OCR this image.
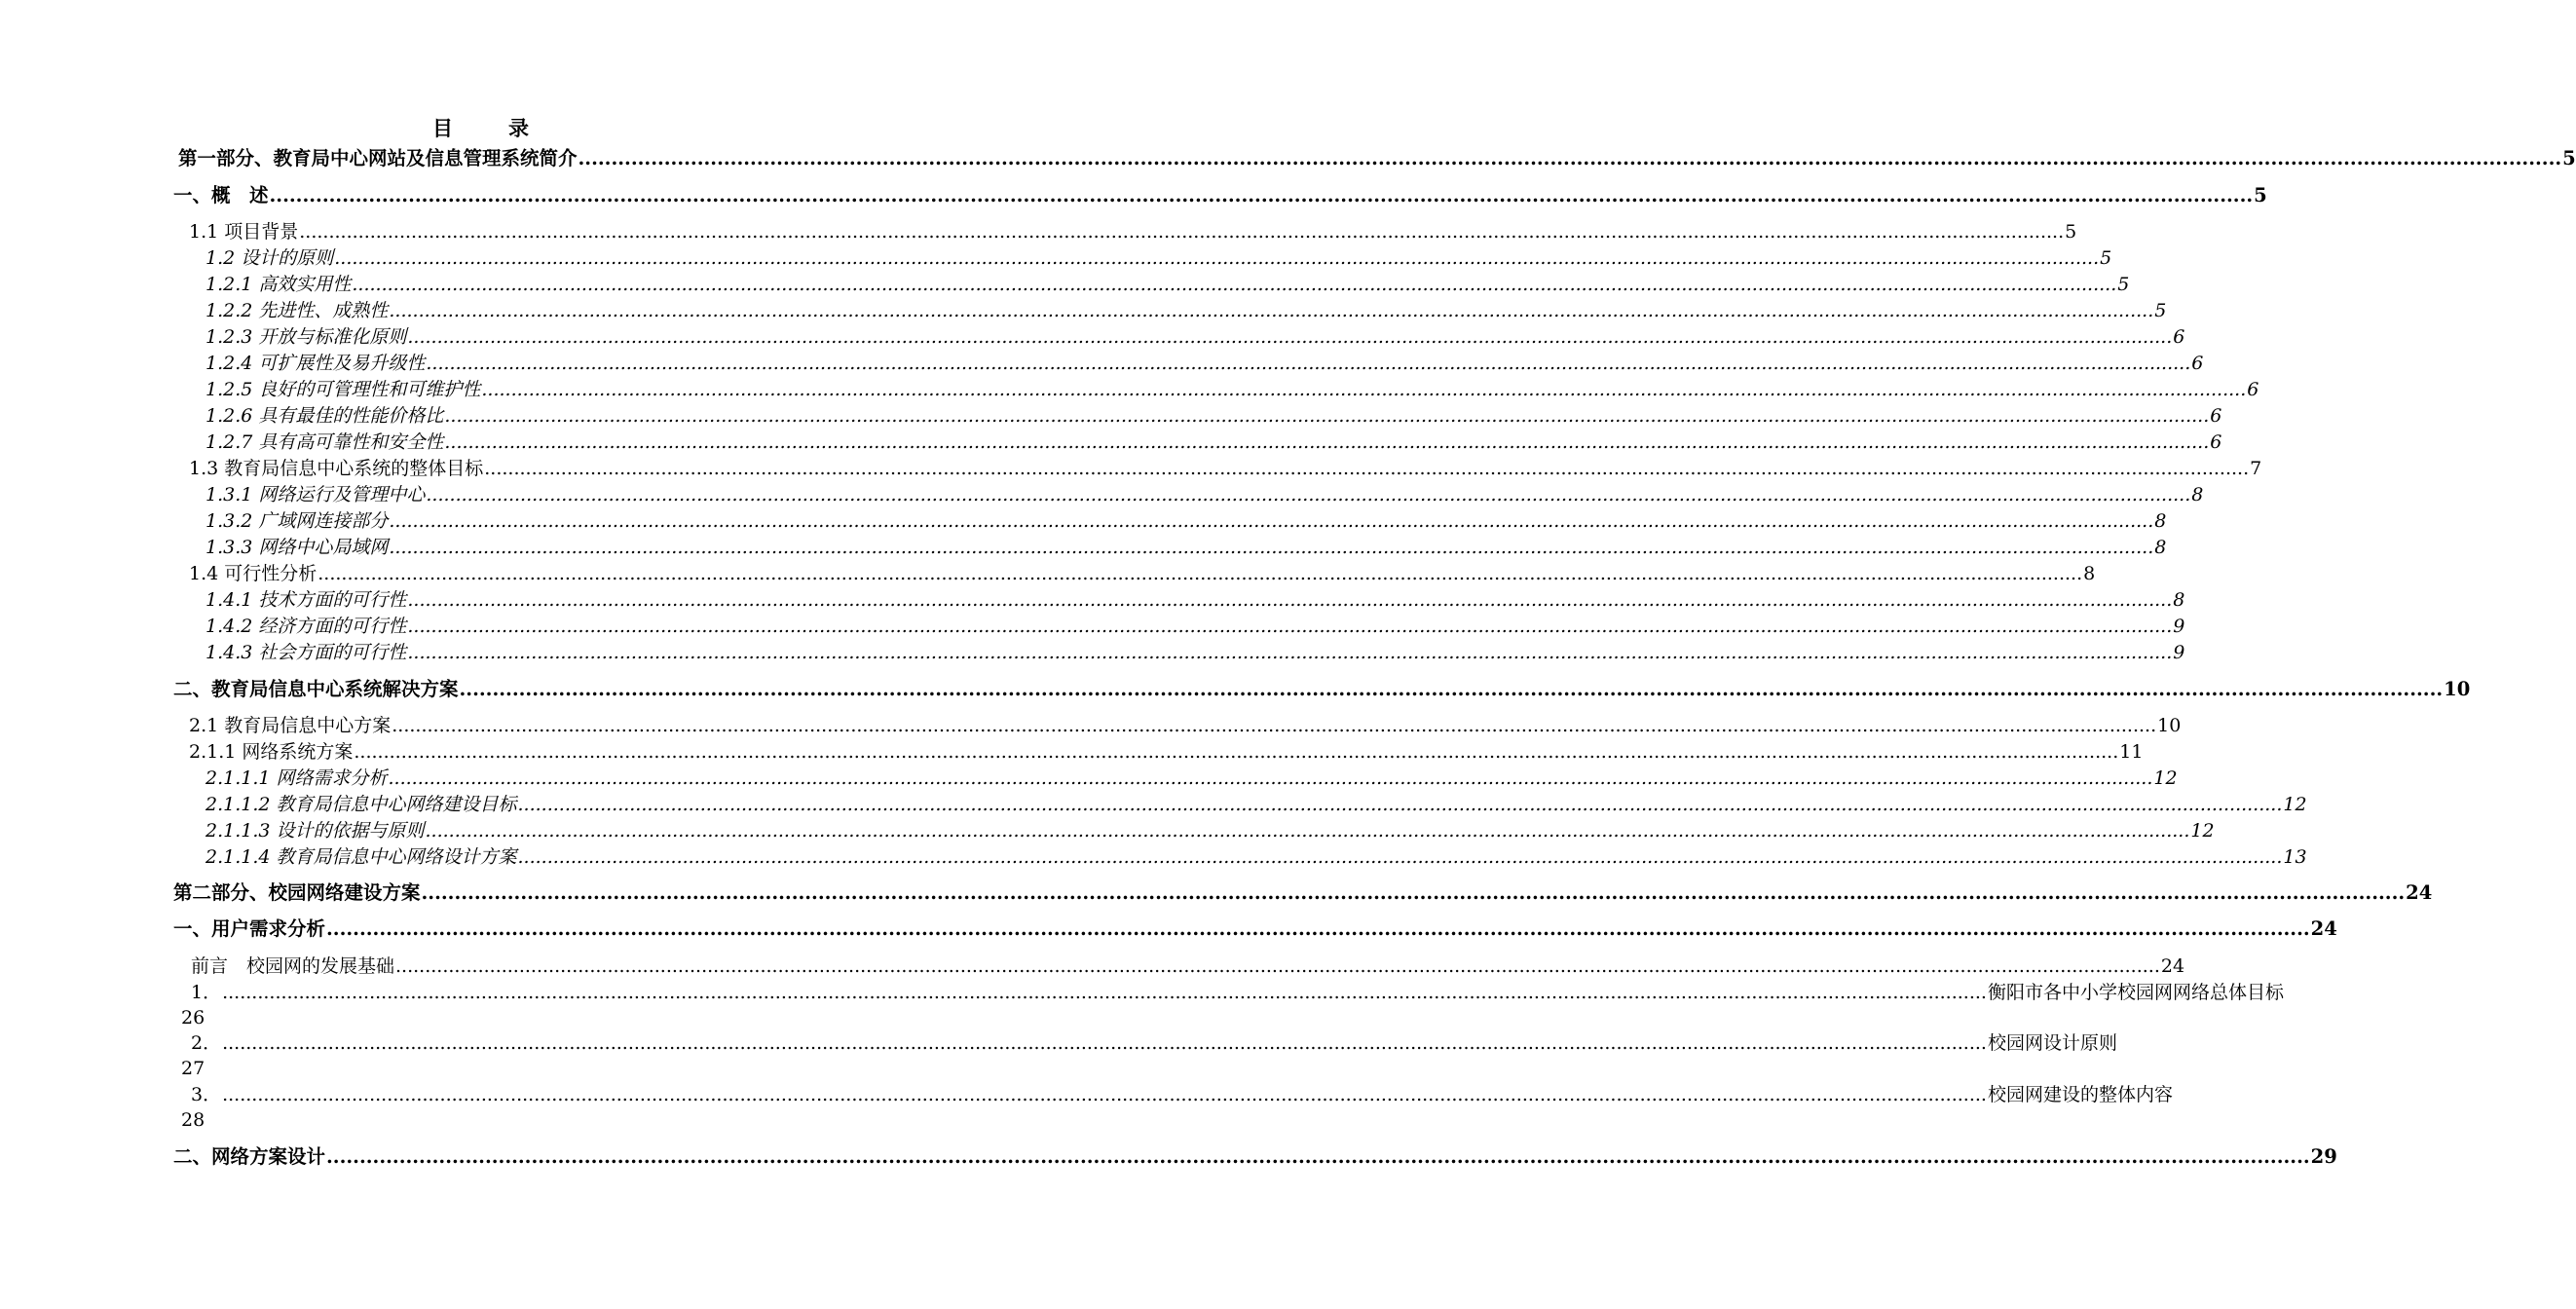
目　录
第一部分、教育局中心网站及信息管理系统简介 ............................................................................................................................................................................................................................................................................................................ 5
一、概　述 ............................................................................................................................................................................................................................................................................................................ 5
1.1 项目背景 ............................................................................................................................................................................................................................................................................................................ 5
1.2 设计的原则 ............................................................................................................................................................................................................................................................................................................ 5
1.2.1 高效实用性 ............................................................................................................................................................................................................................................................................................................ 5
1.2.2 先进性、成熟性 ............................................................................................................................................................................................................................................................................................................ 5
1.2.3 开放与标准化原则 ............................................................................................................................................................................................................................................................................................................ 6
1.2.4 可扩展性及易升级性 ............................................................................................................................................................................................................................................................................................................ 6
1.2.5 良好的可管理性和可维护性 ............................................................................................................................................................................................................................................................................................................ 6
1.2.6 具有最佳的性能价格比 ............................................................................................................................................................................................................................................................................................................ 6
1.2.7 具有高可靠性和安全性 ............................................................................................................................................................................................................................................................................................................ 6
1.3 教育局信息中心系统的整体目标 ............................................................................................................................................................................................................................................................................................................ 7
1.3.1 网络运行及管理中心 ............................................................................................................................................................................................................................................................................................................ 8
1.3.2 广域网连接部分 ............................................................................................................................................................................................................................................................................................................ 8
1.3.3 网络中心局域网 ............................................................................................................................................................................................................................................................................................................ 8
1.4 可行性分析 ............................................................................................................................................................................................................................................................................................................ 8
1.4.1 技术方面的可行性 ............................................................................................................................................................................................................................................................................................................ 8
1.4.2 经济方面的可行性 ............................................................................................................................................................................................................................................................................................................ 9
1.4.3 社会方面的可行性 ............................................................................................................................................................................................................................................................................................................ 9
二、教育局信息中心系统解决方案 ............................................................................................................................................................................................................................................................................................................ 10
2.1 教育局信息中心方案 ............................................................................................................................................................................................................................................................................................................ 10
2.1.1 网络系统方案 ............................................................................................................................................................................................................................................................................................................ 11
2.1.1.1 网络需求分析 ............................................................................................................................................................................................................................................................................................................ 12
2.1.1.2 教育局信息中心网络建设目标 ............................................................................................................................................................................................................................................................................................................ 12
2.1.1.3 设计的依据与原则 ............................................................................................................................................................................................................................................................................................................ 12
2.1.1.4 教育局信息中心网络设计方案 ............................................................................................................................................................................................................................................................................................................ 13
第二部分、校园网络建设方案 ............................................................................................................................................................................................................................................................................................................ 24
一、用户需求分析 ............................................................................................................................................................................................................................................................................................................ 24
前言　校园网的发展基础 ............................................................................................................................................................................................................................................................................................................ 24
1． ............................................................................................................................................................................................................................................................................................................ 衡阳市各中小学校园网网络总体目标
26
2． ............................................................................................................................................................................................................................................................................................................ 校园网设计原则
27
3． ............................................................................................................................................................................................................................................................................................................ 校园网建设的整体内容
28
二、网络方案设计 ............................................................................................................................................................................................................................................................................................................ 29
